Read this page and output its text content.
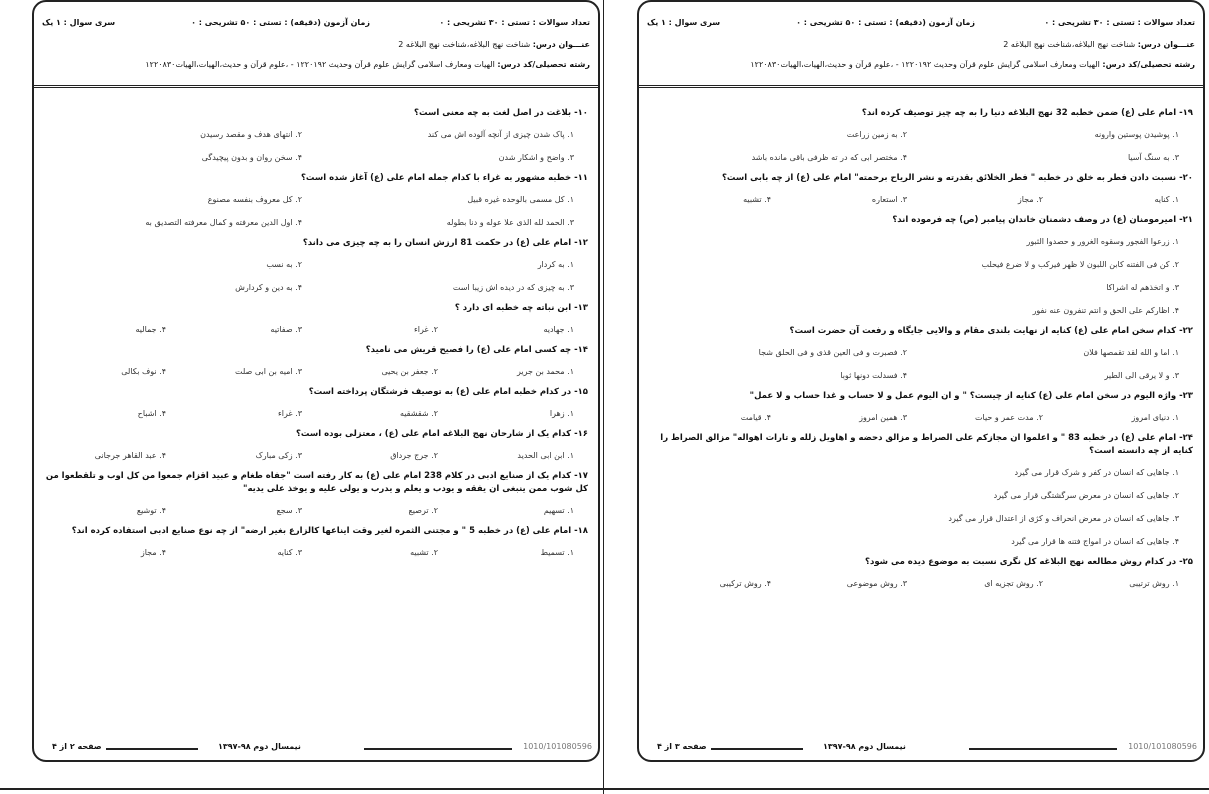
تعداد سوالات : تستی : ۳۰ تشریحی : ۰
زمان آزمون (دقیقه) : تستی : ۵۰ تشریحی : ۰
سری سوال : ۱ یک
عنـــوان درس: شناخت نهج البلاغه،شناخت نهج البلاغه 2
رشته تحصیلی/کد درس: الهیات ومعارف اسلامی گرایش علوم قرآن وحدیث ۱۲۲۰۱۹۲ - ،علوم قرآن و حدیث،الهیات،الهیات۱۲۲۰۸۳۰
۱۰- بلاغت در اصل لغت به چه معنی است؟
۱. پاک شدن چیزی از آنچه آلوده اش می کند
۲. انتهای هدف و مقصد رسیدن
۳. واضح و اشکار شدن
۴. سخن روان و بدون پیچیدگی
۱۱- خطبه مشهور به غراء با کدام جمله امام علی (ع) آغاز شده است؟
۱. کل مسمی بالوحده غیره قبیل
۲. کل معروف بنفسه مصنوع
۳. الحمد لله الذی علا عوله و دنا بطوله
۴. اول الدین معرفته و کمال معرفته التصدیق به
۱۲- امام علی (ع) در حکمت 81 ارزش انسان را به چه چیزی می داند؟
۱. به کردار
۲. به نسب
۳. به چیزی که در دیده اش زیبا است
۴. به دین و کردارش
۱۳- ابن نباته چه خطبه ای دارد ؟
۱. جهادیه
۲. غراء
۳. صفاتیه
۴. جمالیه
۱۴- چه کسی امام علی (ع) را فصیح قریش می نامید؟
۱. محمد بن جریر
۲. جعفر بن یحیی
۳. امیه بن ابی صلت
۴. نوف بکالی
۱۵- در کدام خطبه امام علی (ع) به توصیف فرشتگان پرداخته است؟
۱. زهرا
۲. شقشقیه
۳. غراء
۴. اشباح
۱۶- کدام یک از شارحان نهج البلاغه امام علی (ع) ، معتزلی بوده است؟
۱. ابن ابی الحدید
۲. جرج جرداق
۳. زکی مبارک
۴. عبد القاهر جرجانی
۱۷- کدام یک از صنایع ادبی در کلام 238 امام علی (ع) به کار رفته است "جفاه طغام و عبید اقزام جمعوا من کل اوب و تلقطعوا من کل شوب ممن ینبغی ان یفقه و یودب و یعلم و یدرب و یولی علیه و یوخذ علی یدیه"
۱. تسهیم
۲. ترصیع
۳. سجع
۴. توشیع
۱۸- امام علی (ع) در خطبه 5 " و مجتنی الثمره لغیر وقت ایناعها کالزارع بغیر ارضه" از چه نوع صنایع ادبی استفاده کرده اند؟
۱. تسمیط
۲. تشبیه
۳. کنایه
۴. مجاز
1010/101080596
نیمسال دوم ۹۸-۱۳۹۷
صفحه ۲ از ۴
تعداد سوالات : تستی : ۳۰ تشریحی : ۰
زمان آزمون (دقیقه) : تستی : ۵۰ تشریحی : ۰
سری سوال : ۱ یک
عنـــوان درس: شناخت نهج البلاغه،شناخت نهج البلاغه 2
رشته تحصیلی/کد درس: الهیات ومعارف اسلامی گرایش علوم قرآن وحدیث ۱۲۲۰۱۹۲ - ،علوم قرآن و حدیث،الهیات،الهیات۱۲۲۰۸۳۰
۱۹- امام علی (ع) ضمن خطبه 32 نهج البلاغه دنیا را به چه چیز توصیف کرده اند؟
۱. پوشیدن پوستین وارونه
۲. به زمین زراعت
۳. به سنگ آسیا
۴. مختصر ابی که در ته ظرفی باقی مانده باشد
۲۰- نسبت دادن فطر به خلق در خطبه " فطر الخلائق بقدرته و نشر الریاح برحمته" امام علی (ع) از چه بابی است؟
۱. کنایه
۲. مجاز
۳. استعاره
۴. تشبیه
۲۱- امیرمومنان (ع) در وصف دشمنان خاندان پیامبر (ص) چه فرموده اند؟
۱. زرعوا الفجور وسقوه الغرور و حصدوا الثبور
۲. کن فی الفتنه کابن اللبون لا ظهر فیرکب و لا ضرع فیحلب
۳. و اتخذهم له اشراکا
۴. اظارکم علی الحق و انتم تنفرون عنه نفور
۲۲- کدام سخن امام علی (ع) کنایه از نهایت بلندی مقام و والایی جایگاه و رفعت آن حضرت است؟
۱. اما و الله لقد تقمصها فلان
۲. فصبرت و فی العین قذی و فی الحلق شجا
۳. و لا یرقی الی الطیر
۴. فسدلت دونها ثوبا
۲۳- واژه الیوم در سخن امام علی (ع) کنایه از چیست؟ " و ان الیوم عمل و لا حساب و غدا حساب و لا عمل"
۱. دنیای امروز
۲. مدت عمر و حیات
۳. همین امروز
۴. قیامت
۲۴- امام علی (ع) در خطبه 83 " و اعلموا ان مجازکم علی الصراط و مزالق دحضه و اهاویل زلله و تارات اهواله" مزالق الصراط را کنایه از چه دانسته است؟
۱. جاهایی که انسان در کفر و شرک قرار می گیرد
۲. جاهایی که انسان در معرض سرگشتگی قرار می گیرد
۳. جاهایی که انسان در معرض انحراف و کژی از اعتدال قرار می گیرد
۴. جاهایی که انسان در امواج فتنه ها قرار می گیرد
۲۵- در کدام روش مطالعه نهج البلاغه کل نگری نسبت به موضوع دیده می شود؟
۱. روش ترتیبی
۲. روش تجزیه ای
۳. روش موضوعی
۴. روش ترکیبی
1010/101080596
نیمسال دوم ۹۸-۱۳۹۷
صفحه ۳ از ۴
